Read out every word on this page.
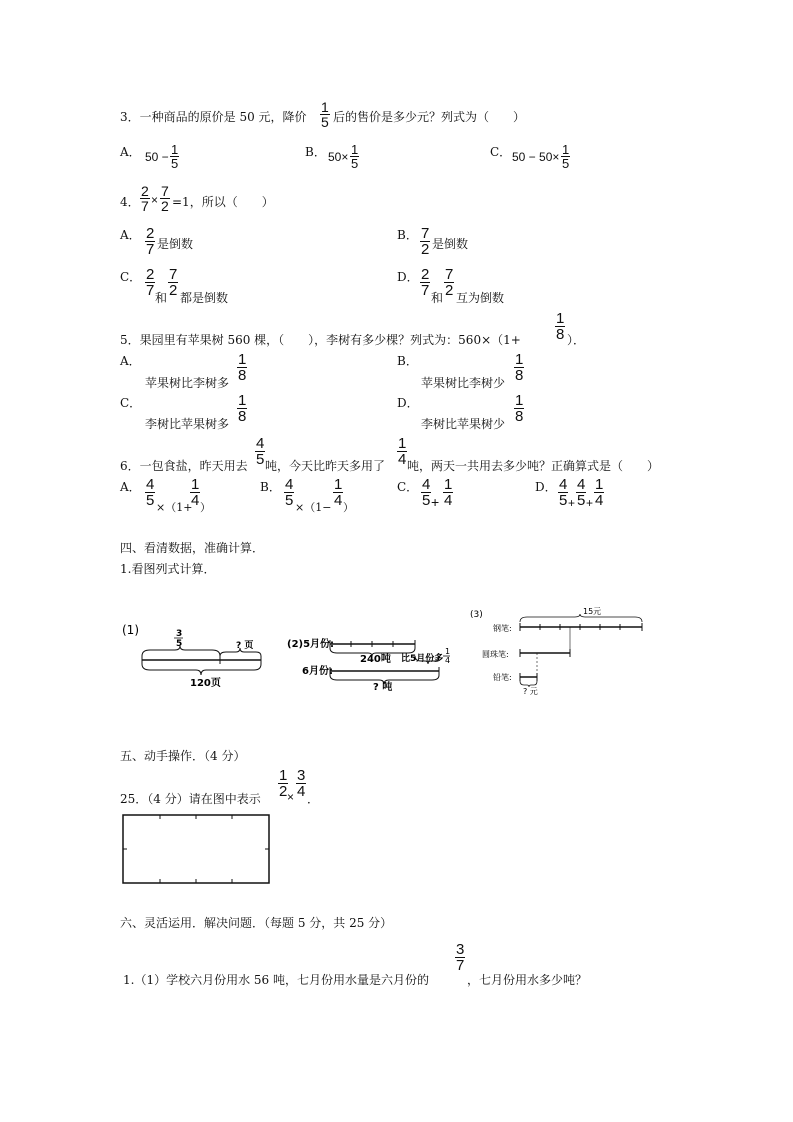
3．一种商品的原价是 50 元，降价
1
5 后的售价是多少元？列式为（　　）
A． 50 − 1
5
B． 50× 1
5
C． 50 − 50× 1
5
4．
2
7 ×
7
2 =1，所以（　　）
A． 2
7 是倒数
B． 7
2 是倒数
C． 2
7 和
7
2 都是倒数
D． 2
7 和
7
2 互为倒数
5．果园里有苹果树 560 棵，（　　），李树有多少棵？列式为：560×（1+
1
8 ）．
A．
苹果树比李树多
1
8
B．
苹果树比李树少
1
8
C．
李树比苹果树多
1
8
D．
李树比苹果树少
1
8
6．一包食盐，昨天用去
4
5 吨，今天比昨天多用了
1
4 吨，两天一共用去多少吨？正确算式是（　　）
A． 4
5 ×（1+
1
4 ）
B． 4
5 ×（1−
1
4 ）
C． 4
5 +
1
4
D． 4
5 +
4
5 +
1
4
四、看清数据，准确计算．
1.看图列式计算．
(1)	3
5	? 页
120页
(2)5月份:
240吨 比5月份多
1
4
6月份:
? 吨
(3)	15元
钢笔:
圆珠笔:
铅笔:
? 元
五、动手操作．（4 分）
25．（4 分）请在图中表示
1
2 ×
3
4 ．
六、灵活运用．解决问题．（每题 5 分，共 25 分）
1.（1）学校六月份用水 56 吨，七月份用水量是六月份的
3
7
，七月份用水多少吨？
